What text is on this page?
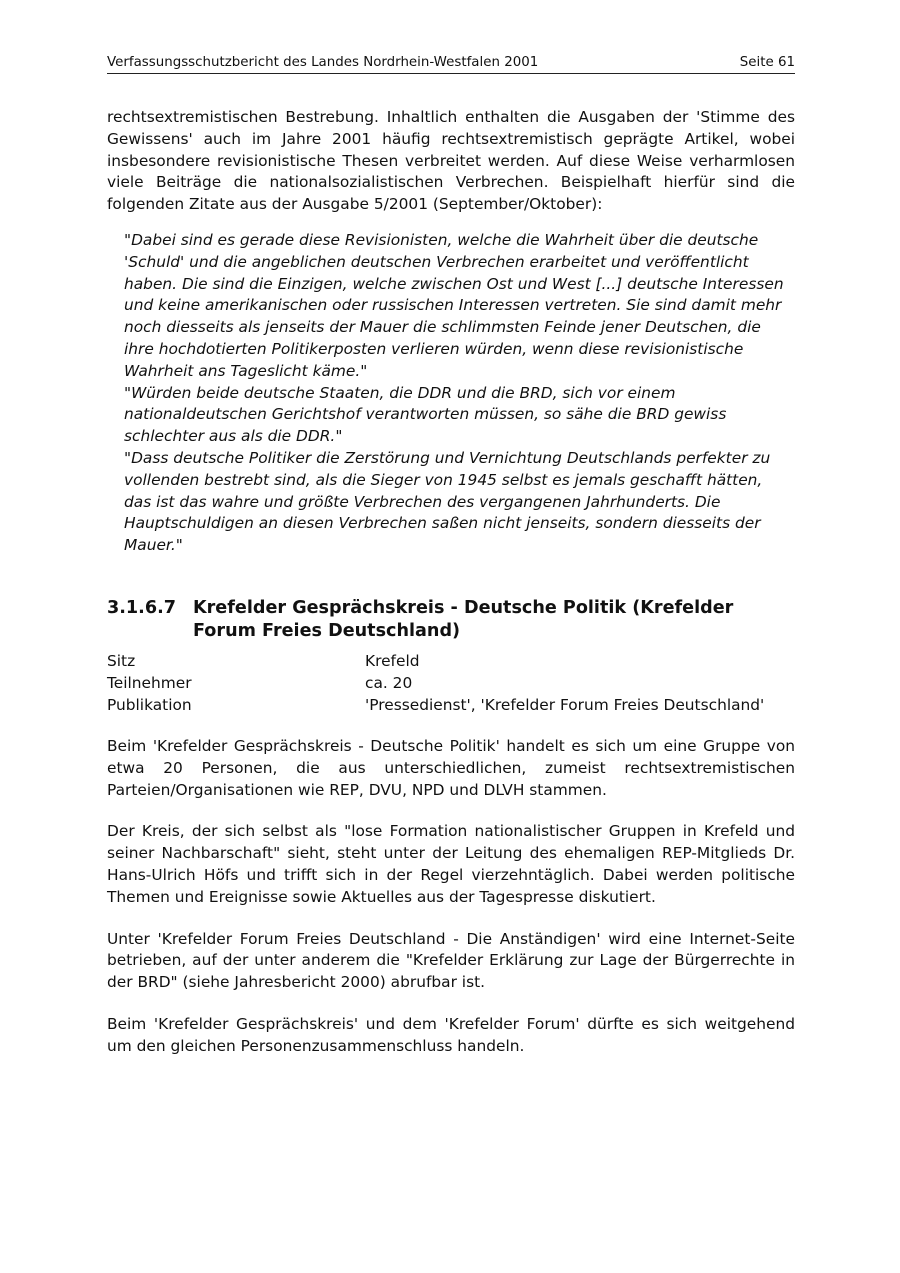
Verfassungsschutzbericht des Landes Nordrhein-Westfalen 2001	Seite 61

rechtsextremistischen Bestrebung. Inhaltlich enthalten die Ausgaben der 'Stimme des Gewissens' auch im Jahre 2001 häufig rechtsextremistisch geprägte Artikel, wobei insbesondere revisionistische Thesen verbreitet werden. Auf diese Weise verharmlosen viele Beiträge die nationalsozialistischen Verbrechen. Beispielhaft hierfür sind die folgenden Zitate aus der Ausgabe 5/2001 (September/Oktober):

"Dabei sind es gerade diese Revisionisten, welche die Wahrheit über die deutsche 'Schuld' und die angeblichen deutschen Verbrechen erarbeitet und veröffentlicht haben. Die sind die Einzigen, welche zwischen Ost und West [...] deutsche Interessen und keine amerikanischen oder russischen Interessen vertreten. Sie sind damit mehr noch diesseits als jenseits der Mauer die schlimmsten Feinde jener Deutschen, die ihre hochdotierten Politikerposten verlieren würden, wenn diese revisionistische Wahrheit ans Tageslicht käme."

"Würden beide deutsche Staaten, die DDR und die BRD, sich vor einem nationaldeutschen Gerichtshof verantworten müssen, so sähe die BRD gewiss schlechter aus als die DDR."

"Dass deutsche Politiker die Zerstörung und Vernichtung Deutschlands perfekter zu vollenden bestrebt sind, als die Sieger von 1945 selbst es jemals geschafft hätten, das ist das wahre und größte Verbrechen des vergangenen Jahrhunderts. Die Hauptschuldigen an diesen Verbrechen saßen nicht jenseits, sondern diesseits der Mauer."

3.1.6.7 Krefelder Gesprächskreis - Deutsche Politik (Krefelder Forum Freies Deutschland)
Sitz	Krefeld
Teilnehmer	ca. 20
Publikation	'Pressedienst', 'Krefelder Forum Freies Deutschland'

Beim 'Krefelder Gesprächskreis - Deutsche Politik' handelt es sich um eine Gruppe von etwa 20 Personen, die aus unterschiedlichen, zumeist rechtsextremistischen Parteien/Organisationen wie REP, DVU, NPD und DLVH stammen.

Der Kreis, der sich selbst als "lose Formation nationalistischer Gruppen in Krefeld und seiner Nachbarschaft" sieht, steht unter der Leitung des ehemaligen REP-Mitglieds Dr. Hans-Ulrich Höfs und trifft sich in der Regel vierzehntäglich. Dabei werden politische Themen und Ereignisse sowie Aktuelles aus der Tagespresse diskutiert.

Unter 'Krefelder Forum Freies Deutschland - Die Anständigen' wird eine Internet-Seite betrieben, auf der unter anderem die "Krefelder Erklärung zur Lage der Bürgerrechte in der BRD" (siehe Jahresbericht 2000) abrufbar ist.

Beim 'Krefelder Gesprächskreis' und dem 'Krefelder Forum' dürfte es sich weitgehend um den gleichen Personenzusammenschluss handeln.
